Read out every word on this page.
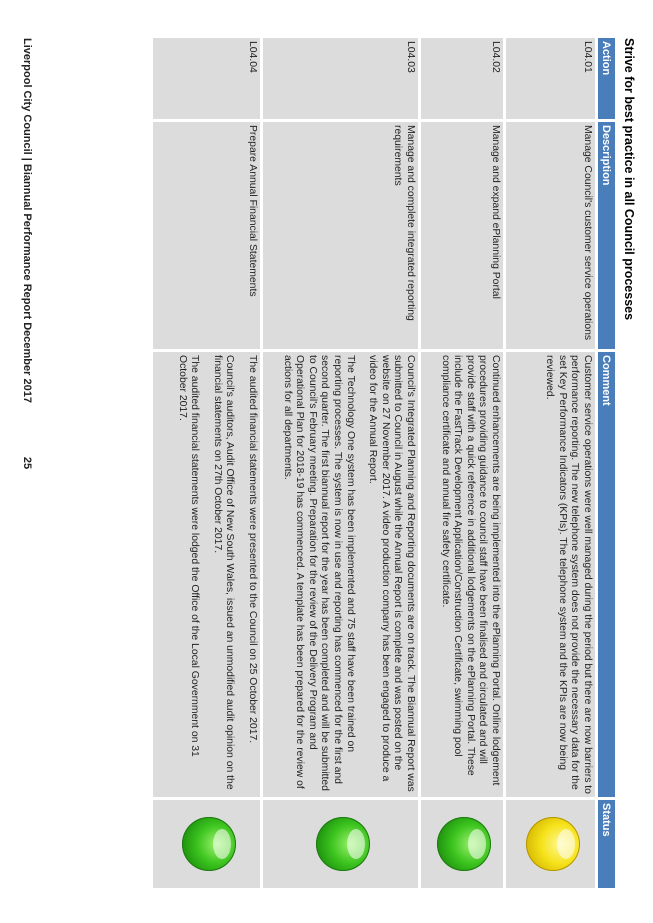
Strive for best practice in all Council processes
Action	Description	Comment	Status
L04.01	Manage Council's customer service operations	Customer service operations were well managed during the period but there are now barriers to performance reporting. The new telephone system does not provide the necessary data for the set Key Performance Indicators (KPIs). The telephone system and the KPIs are now being reviewed.	

L04.02	Manage and expand ePlanning Portal	Continued enhancements are being implemented into the ePlanning Portal. Online lodgement procedures providing guidance to council staff have been finalised and circulated and will provide staff with a quick reference in additional lodgements on the ePlanning Portal. These include the FastTrack Development Application/Construction Certificate, swimming pool compliance certificate and annual fire safety certificate.	

L04.03	Manage and complete integrated reporting requirements	Council's Integrated Planning and Reporting documents are on track. The Biannual Report was submitted to Council in August while the Annual Report is complete and was posted on the website on 27 November 2017. A video production company has been engaged to produce a video for the Annual Report.

The Technology One system has been implemented and 75 staff have been trained on reporting processes. The system is now in use and reporting has commenced for the first and second quarter. The first biannual report for the year has been completed and will be submitted to Council's February meeting. Preparation for the review of the Delivery Program and Operational Plan for 2018-19 has commenced. A template has been prepared for the review of actions for all departments.	

L04.04	Prepare Annual Financial Statements	The audited financial statements were presented to the Council on 25 October 2017.

Council's auditors, Audit Office of New South Wales, issued an unmodified audit opinion on the financial statements on 27th October 2017.

The audited financial statements were lodged the Office of the Local Government on 31 October 2017.	

Liverpool City Council | Biannual Performance Report December 2017
25
